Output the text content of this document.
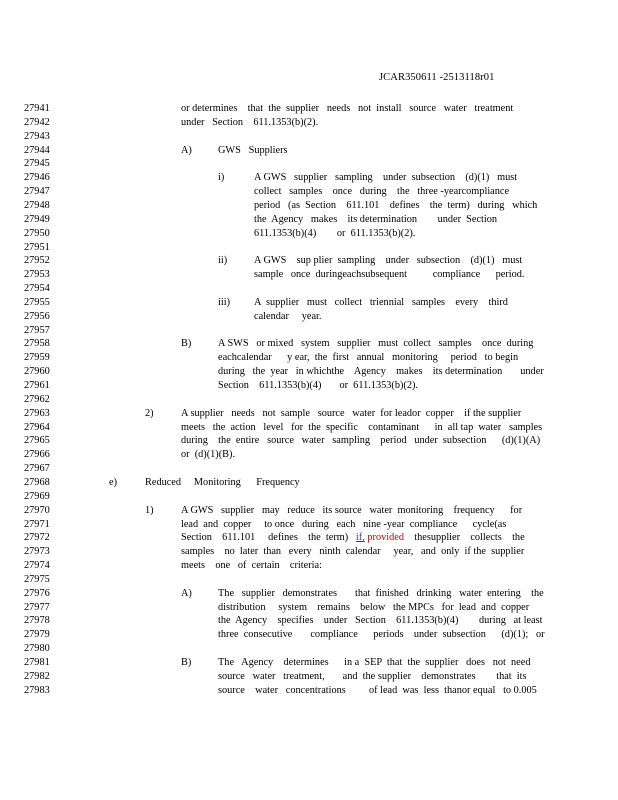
JCAR350611 -2513118r01
27941	or determines    that  the  supplier   needs   not  install   source   water   treatment
27942	under   Section    611.1353(b)(2).
27943
27944	A)	GWS   Suppliers
27945
27946	i)	A GWS   supplier   sampling    under  subsection    (d)(1)   must
27947	collect   samples    once   during    the   three -yearcompliance
27948	period   (as  Section    611.101    defines    the  term)   during   which
27949	the  Agency   makes    its determination        under  Section
27950	611.1353(b)(4)        or  611.1353(b)(2).
27951
27952	ii)	A GWS    sup plier  sampling    under   subsection    (d)(1)   must
27953	sample   once  duringeachsubsequent          compliance      period.
27954
27955	iii) A  supplier   must   collect   triennial   samples    every    third
27956	calendar     year.
27957
27958	B)	A SWS   or mixed   system   supplier   must  collect   samples    once  during
27959	eachcalendar      y ear,  the  first   annual   monitoring     period   to begin
27960	during   the  year   in whichthe    Agency    makes    its determination       under
27961	Section    611.1353(b)(4)       or  611.1353(b)(2).
27962
27963	2)	A supplier   needs   not  sample   source   water  for leador  copper    if the supplier
27964	meets   the  action   level   for  the  specific    contaminant      in  all tap  water   samples
27965	during    the  entire   source   water   sampling    period   under  subsection      (d)(1)(A)
27966	or  (d)(1)(B).
27967
27968	e)	Reduced     Monitoring      Frequency
27969
27970	1)	A GWS   supplier   may   reduce   its source   water  monitoring    frequency      for
27971	lead  and  copper     to once   during   each   nine -year  compliance      cycle(as
27972	Section    611.101     defines    the  term)   if, provided    thesupplier    collects    the
27973	samples    no  later  than   every   ninth  calendar     year,   and  only  if the  supplier
27974	meets    one   of  certain    criteria:
27975
27976	A)	The   supplier   demonstrates       that  finished   drinking   water  entering    the
27977	distribution     system    remains    below   the MPCs   for  lead  and  copper
27978	the  Agency    specifies    under   Section    611.1353(b)(4)        during   at least
27979	three  consecutive       compliance      periods    under  subsection      (d)(1);   or
27980
27981	B)	The   Agency    determines      in a  SEP  that  the  supplier   does   not  need
27982	source   water   treatment,       and  the supplier    demonstrates        that  its
27983	source    water   concentrations         of lead  was  less  thanor equal   to 0.005
